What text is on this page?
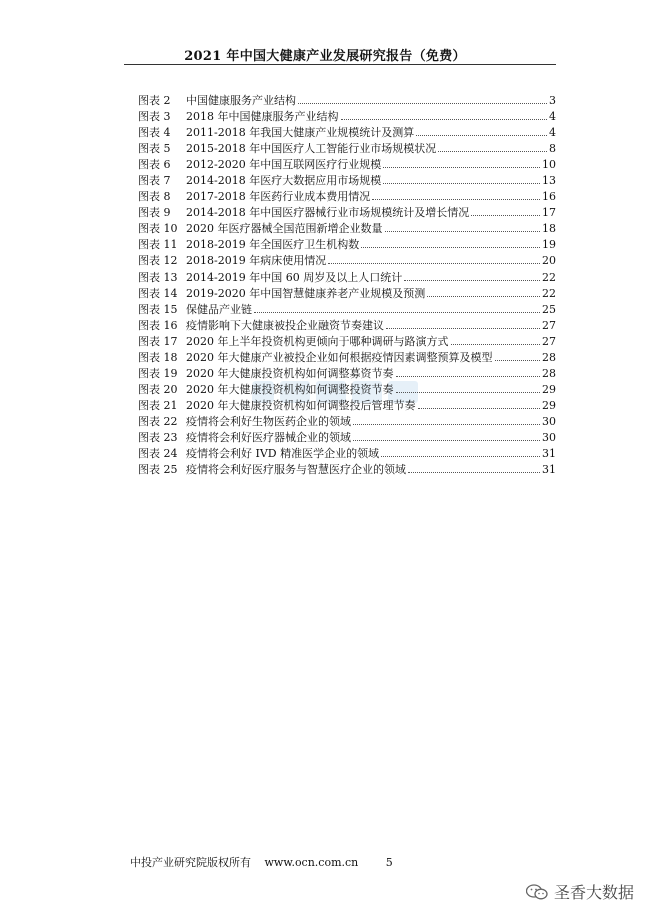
2021 年中国大健康产业发展研究报告（免费）
图表 2	中国健康服务产业结构	3
图表 3	2018 年中国健康服务产业结构	4
图表 4	2011-2018 年我国大健康产业规模统计及测算	4
图表 5	2015-2018 年中国医疗人工智能行业市场规模状况	8
图表 6	2012-2020 年中国互联网医疗行业规模	10
图表 7	2014-2018 年医疗大数据应用市场规模	13
图表 8	2017-2018 年医药行业成本费用情况	16
图表 9	2014-2018 年中国医疗器械行业市场规模统计及增长情况	17
图表 10 2020 年医疗器械全国范围新增企业数量	18
图表 11 2018-2019 年全国医疗卫生机构数	19
图表 12 2018-2019 年病床使用情况	20
图表 13 2014-2019 年中国 60 周岁及以上人口统计	22
图表 14 2019-2020 年中国智慧健康养老产业规模及预测	22
图表 15 保健品产业链	25
图表 16 疫情影响下大健康被投企业融资节奏建议	27
图表 17 2020 年上半年投资机构更倾向于哪种调研与路演方式	27
图表 18 2020 年大健康产业被投企业如何根据疫情因素调整预算及模型	28
图表 19 2020 年大健康投资机构如何调整募资节奏	28
图表 20 2020 年大健康投资机构如何调整投资节奏	29
图表 21 2020 年大健康投资机构如何调整投后管理节奏	29
图表 22 疫情将会利好生物医药企业的领域	30
图表 23 疫情将会利好医疗器械企业的领域	30
图表 24 疫情将会利好 IVD 精准医学企业的领域	31
图表 25 疫情将会利好医疗服务与智慧医疗企业的领域	31
中投产业研究院版权所有 www.ocn.com.cn	5
圣香大数据
